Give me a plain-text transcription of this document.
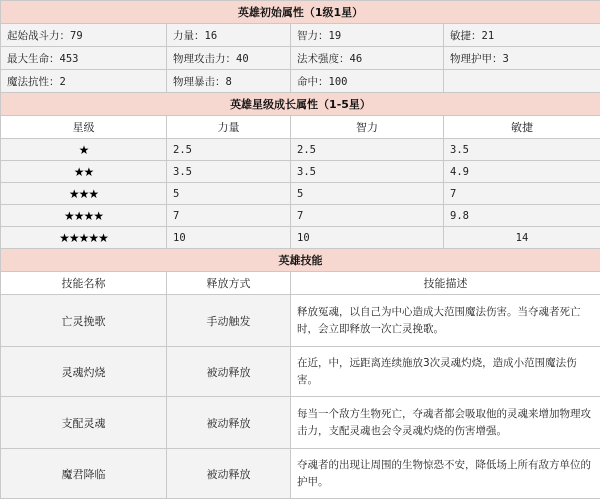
英雄初始属性（1级1星）			
起始战斗力：79	力量：16	智力：19	敏捷：21
最大生命：453	物理攻击力：40	法术强度：46	物理护甲：3
魔法抗性：2	物理暴击：8	命中：100	
英雄星级成长属性（1-5星）			
星级	力量	智力	敏捷
★	2.5	2.5	3.5
★★	3.5	3.5	4.9
★★★	5	5	7
★★★★	7	7	9.8
★★★★★	10	10	14
英雄技能			
技能名称	释放方式	技能描述	
亡灵挽歌	手动触发	释放冤魂，以自己为中心造成大范围魔法伤害。当夺魂者死亡时，会立即释放一次亡灵挽歌。	
灵魂灼烧	被动释放	在近，中，远距离连续施放3次灵魂灼烧，造成小范围魔法伤害。	
支配灵魂	被动释放	每当一个敌方生物死亡，夺魂者都会吸取他的灵魂来增加物理攻击力，支配灵魂也会令灵魂灼烧的伤害增强。	
魔君降临	被动释放	夺魂者的出现让周围的生物惊恐不安，降低场上所有敌方单位的护甲。	
